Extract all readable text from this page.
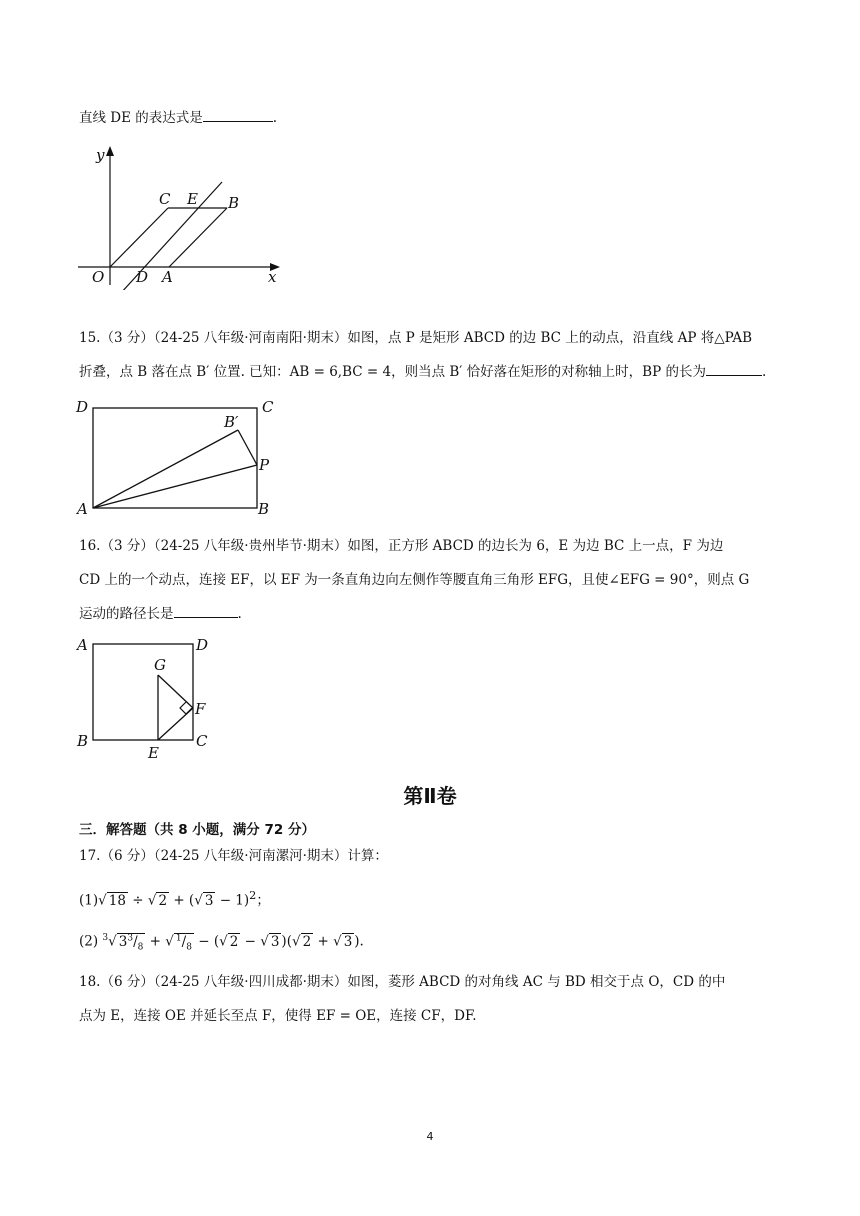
直线 DE 的表达式是	.
y
x
O D A
C E B
15.（3 分）（24-25 八年级·河南南阳·期末）如图，点 P 是矩形 ABCD 的边 BC 上的动点，沿直线 AP 将△PAB
折叠，点 B 落在点 B′ 位置. 已知：AB = 6,BC = 4，则当点 B′ 恰好落在矩形的对称轴上时，BP 的长为	.
D	C
B′
P
A	B
16.（3 分）（24-25 八年级·贵州毕节·期末）如图，正方形 ABCD 的边长为 6，E 为边 BC 上一点，F 为边
CD 上的一个动点，连接 EF，以 EF 为一条直角边向左侧作等腰直角三角形 EFG，且使∠EFG = 90°，则点 G
运动的路径长是	.
A	D
G
F
B
E
C
第Ⅱ卷
三．解答题（共 8 小题，满分 72 分）
17.（6 分）（24-25 八年级·河南漯河·期末）计算：
(1)√ 18 ÷ √ 2 + (√ 3 − 1)$^2$；
(2) $^3$√ $3^3/_8$ + √ $^1/_8$ − (√ 2 − √ 3 )(√ 2 + √ 3 ).
18.（6 分）（24-25 八年级·四川成都·期末）如图，菱形 ABCD 的对角线 AC 与 BD 相交于点 O，CD 的中
点为 E，连接 OE 并延长至点 F，使得 EF = OE，连接 CF，DF.
4
